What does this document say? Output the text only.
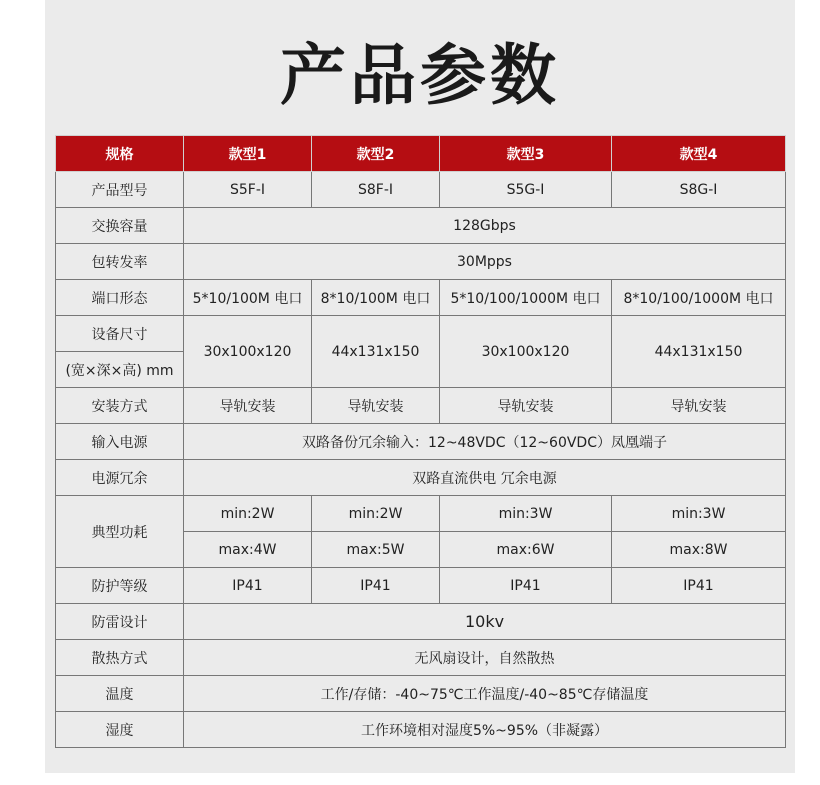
产品参数
规格	款型1	款型2	款型3	款型4
产品型号	S5F-I	S8F-I	S5G-I	S8G-I
交换容量	128Gbps			
包转发率	30Mpps			
端口形态	5*10/100M 电口	8*10/100M 电口	5*10/100/1000M 电口	8*10/100/1000M 电口
设备尺寸	30x100x120	44x131x150	30x100x120	44x131x150
(宽×深×高) mm				
安装方式	导轨安装	导轨安装	导轨安装	导轨安装
输入电源	双路备份冗余输入：12~48VDC（12~60VDC）凤凰端子			
电源冗余	双路直流供电 冗余电源			
典型功耗	min:2W	min:2W	min:3W	min:3W
	max:4W	max:5W	max:6W	max:8W
防护等级	IP41	IP41	IP41	IP41
防雷设计	10kv			
散热方式	无风扇设计，自然散热			
温度	工作/存储：-40~75℃工作温度/-40~85℃存储温度			
湿度	工作环境相对湿度5%~95%（非凝露）			
